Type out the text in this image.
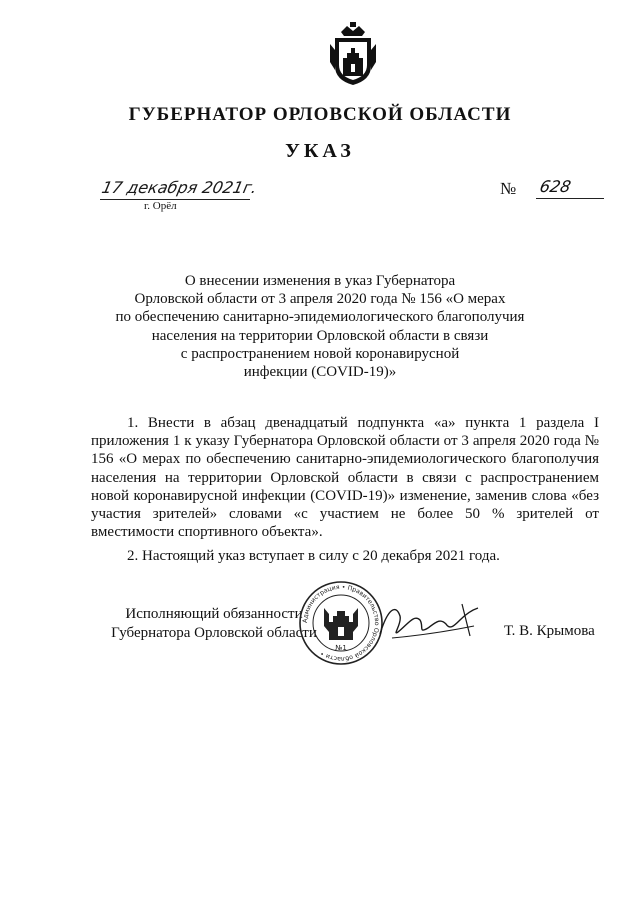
ГУБЕРНАТОР ОРЛОВСКОЙ ОБЛАСТИ
УКАЗ
17 декабря 2021г.
г. Орёл
№ 628
О внесении изменения в указ Губернатора
Орловской области от 3 апреля 2020 года № 156 «О мерах
по обеспечению санитарно-эпидемиологического благополучия
населения на территории Орловской области в связи
с распространением новой коронавирусной
инфекции (COVID-19)»

1. Внести в абзац двенадцатый подпункта «а» пункта 1 раздела I приложения 1 к указу Губернатора Орловской области от 3 апреля 2020 года № 156 «О мерах по обеспечению санитарно-эпидемиологического благополучия населения на территории Орловской области в связи с распространением новой коронавирусной инфекции (COVID-19)» изменение, заменив слова «без участия зрителей» словами «с участием не более 50 % зрителей от вместимости спортивного объекта».

2. Настоящий указ вступает в силу с 20 декабря 2021 года.

Исполняющий обязанности
Губернатора Орловской области
Администрация • Правительство Орловской области •
№1
Т. В. Крымова
